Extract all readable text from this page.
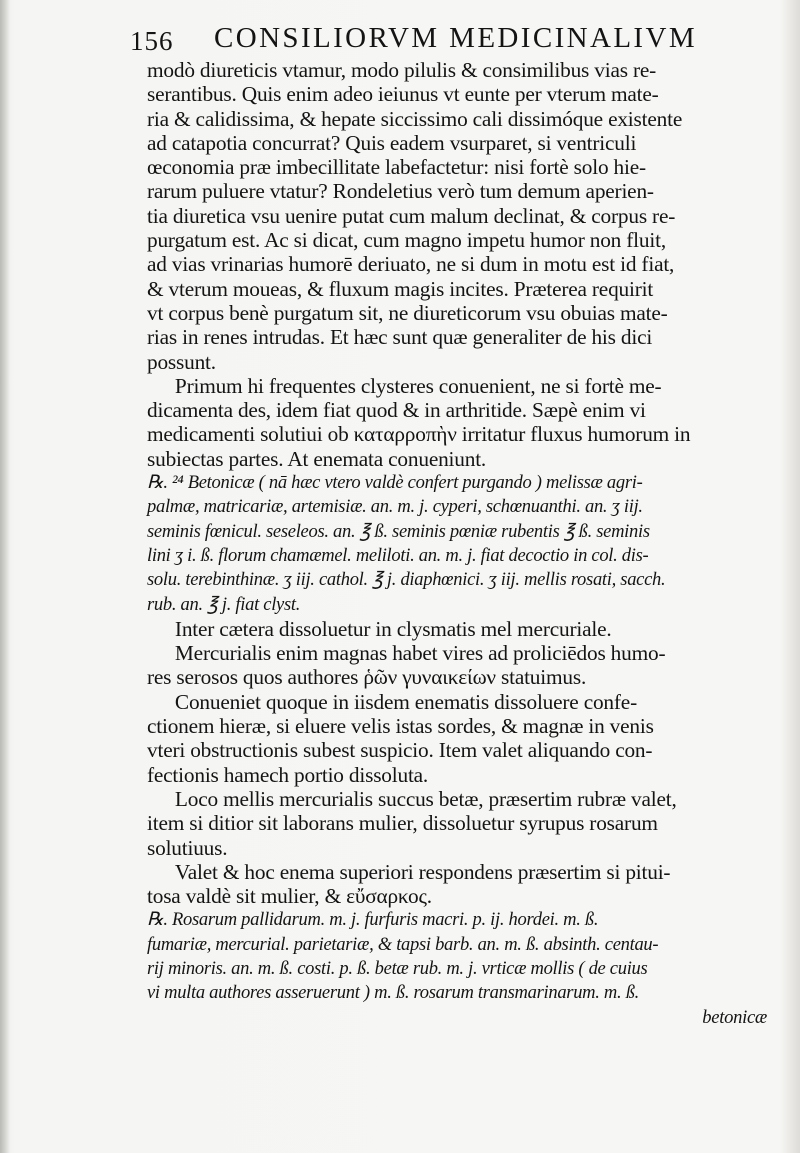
156 CONSILIORVM MEDICINALIVM
modò diureticis vtamur, modo pilulis & consimilibus vias re-
serantibus. Quis enim adeo ieiunus vt eunte per vterum mate-
ria & calidissima, & hepate siccissimo cali dissimóque existente
ad catapotia concurrat? Quis eadem vsurparet, si ventriculi
œconomia præ imbecillitate labefactetur: nisi fortè solo hie-
rarum puluere vtatur? Rondeletius verò tum demum aperien-
tia diuretica vsu uenire putat cum malum declinat, & corpus re-
purgatum est. Ac si dicat, cum magno impetu humor non fluit,
ad vias vrinarias humorē deriuato, ne si dum in motu est id fiat,
& vterum moueas, & fluxum magis incites. Præterea requirit
vt corpus benè purgatum sit, ne diureticorum vsu obuias mate-
rias in renes intrudas. Et hæc sunt quæ generaliter de his dici
possunt.
Primum hi frequentes clysteres conuenient, ne si fortè me-
dicamenta des, idem fiat quod & in arthritide. Sæpè enim vi
medicamenti solutiui ob καταρροπὴν irritatur fluxus humorum in
subiectas partes. At enemata conueniunt.
℞. ²⁴ Betonicæ ( nā hæc vtero valdè confert purgando ) melissæ agri-
palmæ, matricariæ, artemisiæ. an. m. j. cyperi, schœnuanthi. an. ʒ iij.
seminis fœnicul. seseleos. an. ℥ ß. seminis pœniæ rubentis ℥ ß. seminis
lini ʒ i. ß. florum chamæmel. meliloti. an. m. j. fiat decoctio in col. dis-
solu. terebinthinæ. ʒ iij. cathol. ℥ j. diaphœnici. ʒ iij. mellis rosati, sacch.
rub. an. ℥ j. fiat clyst.
Inter cætera dissoluetur in clysmatis mel mercuriale.
Mercurialis enim magnas habet vires ad proliciēdos humo-
res serosos quos authores ῥῶν γυναικείων statuimus.
Conueniet quoque in iisdem enematis dissoluere confe-
ctionem hieræ, si eluere velis istas sordes, & magnæ in venis
vteri obstructionis subest suspicio. Item valet aliquando con-
fectionis hamech portio dissoluta.
Loco mellis mercurialis succus betæ, præsertim rubræ valet,
item si ditior sit laborans mulier, dissoluetur syrupus rosarum
solutiuus.
Valet & hoc enema superiori respondens præsertim si pitui-
tosa valdè sit mulier, & εὔσαρκος.
℞. Rosarum pallidarum. m. j. furfuris macri. p. ij. hordei. m. ß.
fumariæ, mercurial. parietariæ, & tapsi barb. an. m. ß. absinth. centau-
rij minoris. an. m. ß. costi. p. ß. betæ rub. m. j. vrticæ mollis ( de cuius
vi multa authores asseruerunt ) m. ß. rosarum transmarinarum. m. ß.
betonicæ
